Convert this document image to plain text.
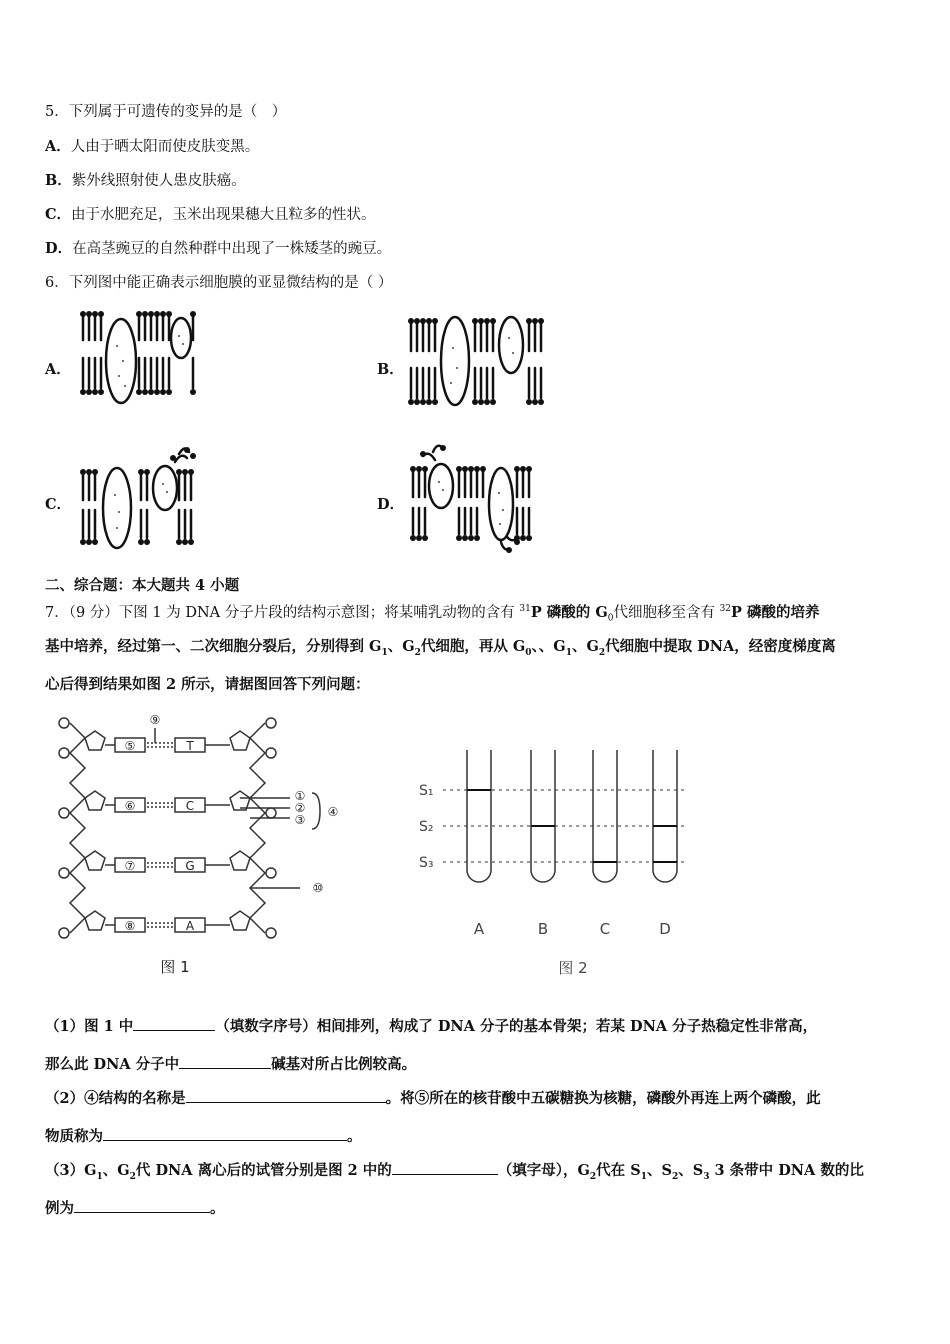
5．下列属于可遗传的变异的是（　）
A．人由于晒太阳而使皮肤变黑。
B．紫外线照射使人患皮肤癌。
C．由于水肥充足，玉米出现果穗大且粒多的性状。
D．在高茎豌豆的自然种群中出现了一株矮茎的豌豆。
6．下列图中能正确表示细胞膜的亚显微结构的是（ ）
A．	B．
C．	D．
二、综合题：本大题共 4 小题
7．（9 分）下图 1 为 DNA 分子片段的结构示意图；将某哺乳动物的含有 $^{31}$P 磷酸的 $G_0$代细胞移至含有 $^{32}$P 磷酸的培养
基中培养，经过第一、二次细胞分裂后，分别得到 $G_1$、$G_2$代细胞，再从 $G_0$、、$G_1$、$G_2$代细胞中提取 DNA，经密度梯度离
心后得到结果如图 2 所示，请据图回答下列问题：
⑨
⑤
⑥
⑦
⑧
T
C
G
A
①
②
③
④
⑩
图 1
S₁
S₂
S₃
A	B	C	D
图 2
（1）图 1 中	（填数字序号）相间排列，构成了 DNA 分子的基本骨架；若某 DNA 分子热稳定性非常高，
那么此 DNA 分子中	碱基对所占比例较高。
（2）④结构的名称是	。将⑤所在的核苷酸中五碳糖换为核糖，磷酸外再连上两个磷酸，此
物质称为	。
$(3)G_1$、$G_2$代 DNA 离心后的试管分别是图 2 中的	（填字母），$G_2$代在 $S_1$、$S_2$、$S_3$ 3 条带中 DNA 数的比
例为	。
